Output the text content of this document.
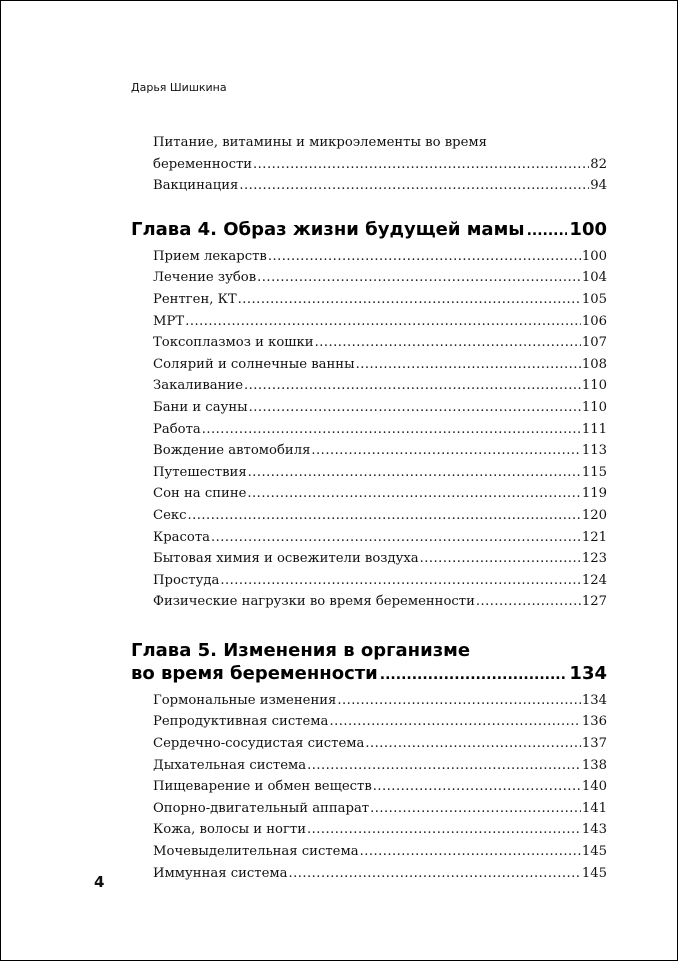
Дарья Шишкина
Питание, витамины и микроэлементы во время
беременности .....	82
Вакцинация .....	94
Глава 4. Образ жизни будущей мамы ..... 100
Прием лекарств .....	100
Лечение зубов .....	104
Рентген, КТ .....	105
МРТ .....	106
Токсоплазмоз и кошки .....	107
Солярий и солнечные ванны .....	108
Закаливание .....	110
Бани и сауны .....	110
Работа .....	111
Вождение автомобиля .....	113
Путешествия .....	115
Сон на спине .....	119
Секс .....	120
Красота .....	121
Бытовая химия и освежители воздуха .....	123
Простуда .....	124
Физические нагрузки во время беременности .....	127
Глава 5. Изменения в организме
во время беременности .....	134
Гормональные изменения .....	134
Репродуктивная система .....	136
Сердечно-сосудистая система .....	137
Дыхательная система .....	138
Пищеварение и обмен веществ .....	140
Опорно-двигательный аппарат .....	141
Кожа, волосы и ногти .....	143
Мочевыделительная система .....	145
Иммунная система .....	145
4
